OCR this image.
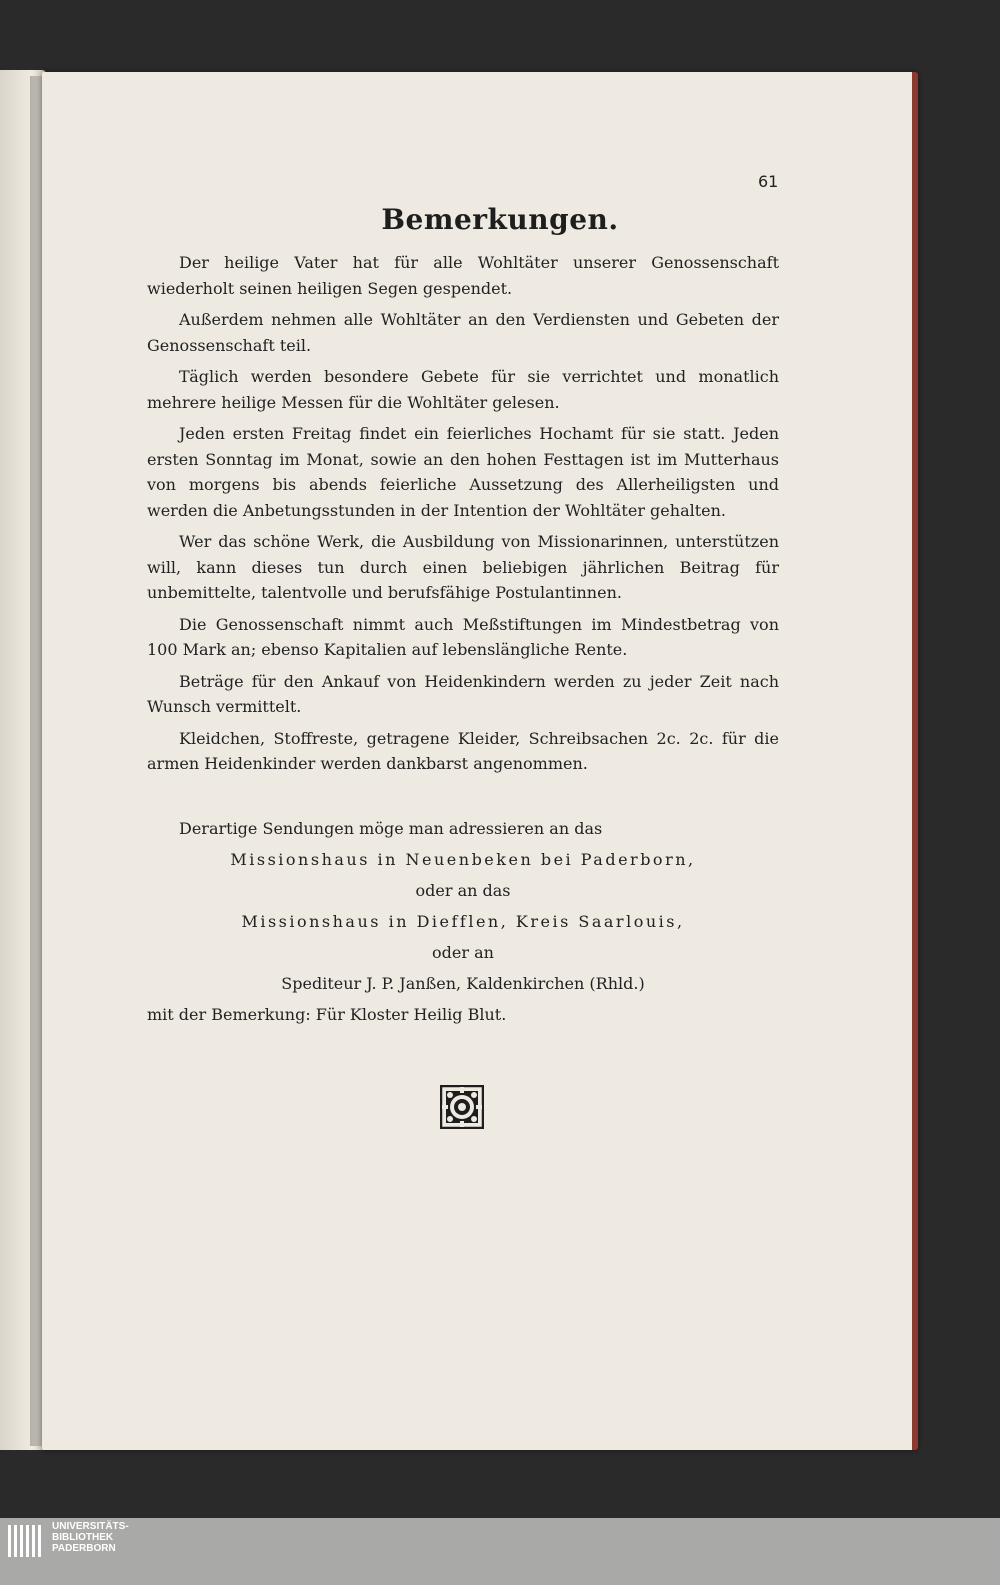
61
Bemerkungen.

Der heilige Vater hat für alle Wohltäter unserer Genossenschaft wiederholt seinen heiligen Segen gespendet.

Außerdem nehmen alle Wohltäter an den Verdiensten und Gebeten der Genossenschaft teil.

Täglich werden besondere Gebete für sie verrichtet und monatlich mehrere heilige Messen für die Wohltäter gelesen.

Jeden ersten Freitag findet ein feierliches Hochamt für sie statt. Jeden ersten Sonntag im Monat, sowie an den hohen Festtagen ist im Mutterhaus von morgens bis abends feierliche Aussetzung des Allerheiligsten und werden die Anbetungsstunden in der Intention der Wohltäter gehalten.

Wer das schöne Werk, die Ausbildung von Missionarinnen, unterstützen will, kann dieses tun durch einen beliebigen jährlichen Beitrag für unbemittelte, talentvolle und berufsfähige Postulantinnen.

Die Genossenschaft nimmt auch Meßstiftungen im Mindestbetrag von 100 Mark an; ebenso Kapitalien auf lebenslängliche Rente.

Beträge für den Ankauf von Heidenkindern werden zu jeder Zeit nach Wunsch vermittelt.

Kleidchen, Stoffreste, getragene Kleider, Schreibsachen 2c. 2c. für die armen Heidenkinder werden dankbarst angenommen.

Derartige Sendungen möge man adressieren an das

Missionshaus in Neuenbeken bei Paderborn,

oder an das

Missionshaus in Diefflen, Kreis Saarlouis,

oder an

Spediteur J. P. Janßen, Kaldenkirchen (Rhld.)

mit der Bemerkung: Für Kloster Heilig Blut.

UNIVERSITÄTS-
BIBLIOTHEK
PADERBORN
